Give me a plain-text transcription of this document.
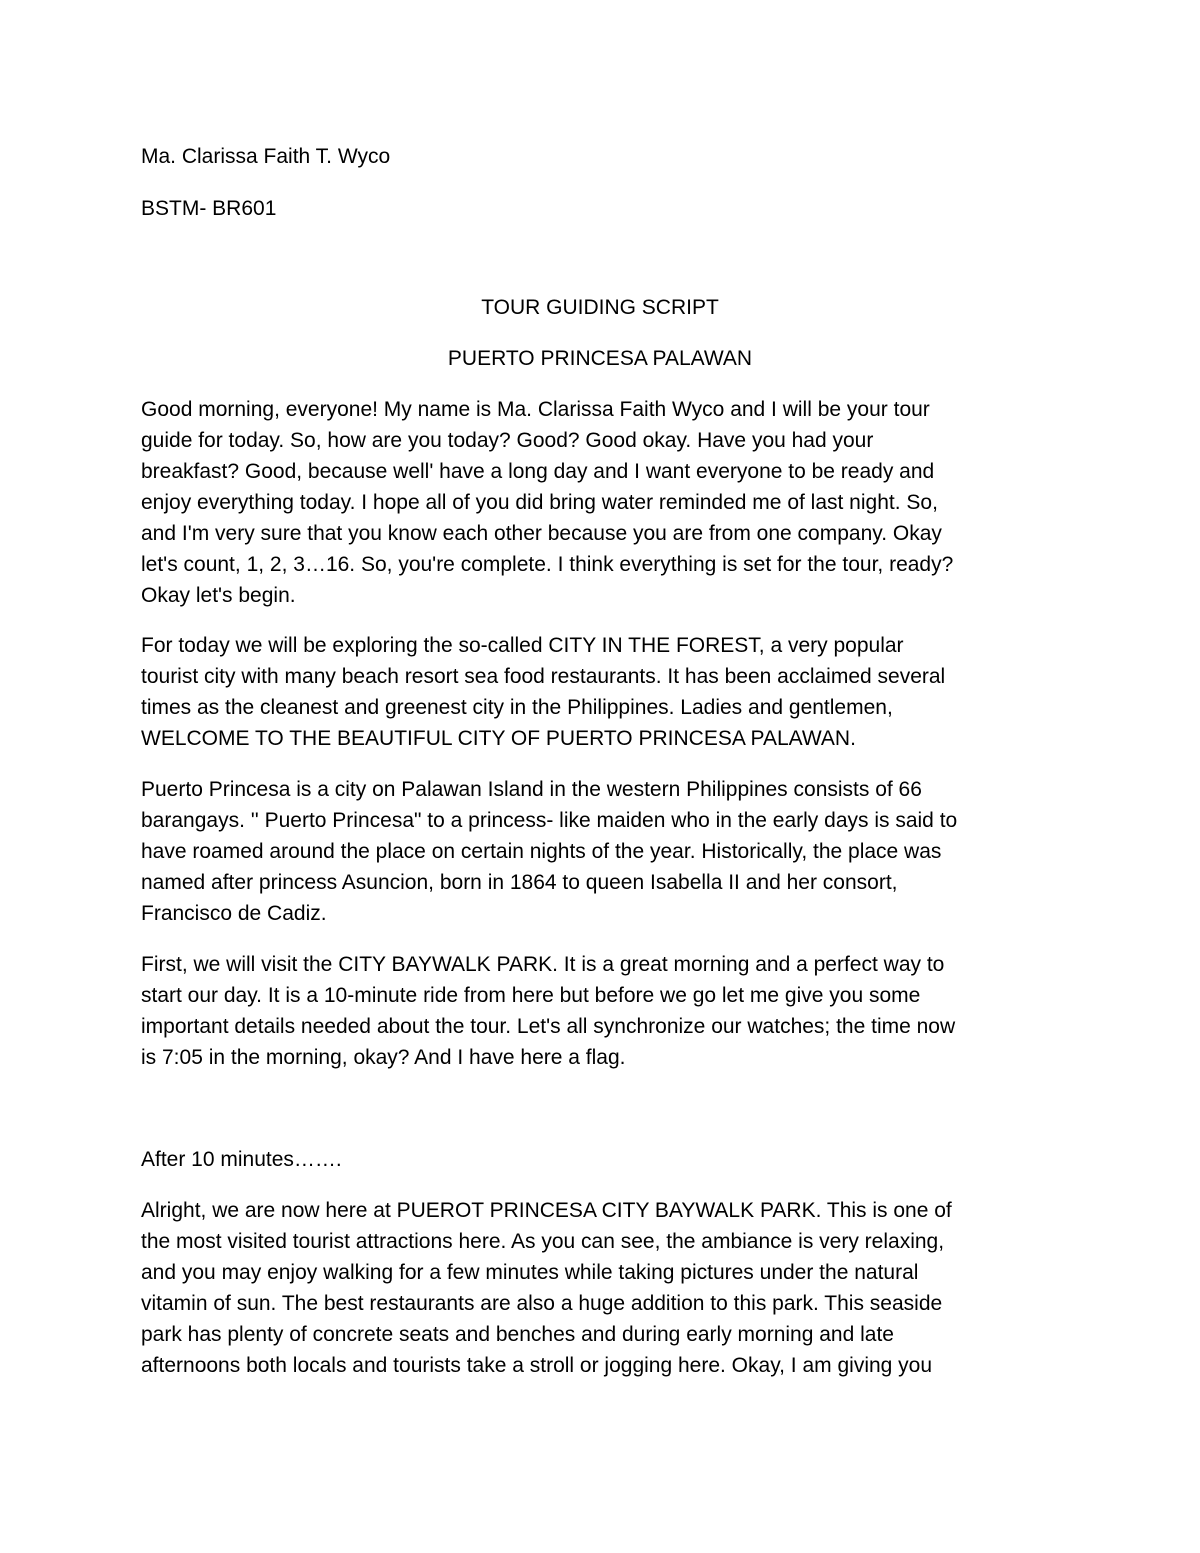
Ma. Clarissa Faith T. Wyco
BSTM- BR601
TOUR GUIDING SCRIPT
PUERTO PRINCESA PALAWAN
Good morning, everyone! My name is Ma. Clarissa Faith Wyco and I will be your tour
guide for today. So, how are you today? Good? Good okay. Have you had your
breakfast? Good, because well' have a long day and I want everyone to be ready and
enjoy everything today. I hope all of you did bring water reminded me of last night. So,
and I'm very sure that you know each other because you are from one company. Okay
let's count, 1, 2, 3…16. So, you're complete. I think everything is set for the tour, ready?
Okay let's begin.
For today we will be exploring the so-called CITY IN THE FOREST, a very popular
tourist city with many beach resort sea food restaurants. It has been acclaimed several
times as the cleanest and greenest city in the Philippines. Ladies and gentlemen,
WELCOME TO THE BEAUTIFUL CITY OF PUERTO PRINCESA PALAWAN.
Puerto Princesa is a city on Palawan Island in the western Philippines consists of 66
barangays. '' Puerto Princesa" to a princess- like maiden who in the early days is said to
have roamed around the place on certain nights of the year. Historically, the place was
named after princess Asuncion, born in 1864 to queen Isabella II and her consort,
Francisco de Cadiz.
First, we will visit the CITY BAYWALK PARK. It is a great morning and a perfect way to
start our day. It is a 10-minute ride from here but before we go let me give you some
important details needed about the tour. Let's all synchronize our watches; the time now
is 7:05 in the morning, okay? And I have here a flag.
After 10 minutes…….
Alright, we are now here at PUEROT PRINCESA CITY BAYWALK PARK. This is one of
the most visited tourist attractions here. As you can see, the ambiance is very relaxing,
and you may enjoy walking for a few minutes while taking pictures under the natural
vitamin of sun. The best restaurants are also a huge addition to this park. This seaside
park has plenty of concrete seats and benches and during early morning and late
afternoons both locals and tourists take a stroll or jogging here. Okay, I am giving you
